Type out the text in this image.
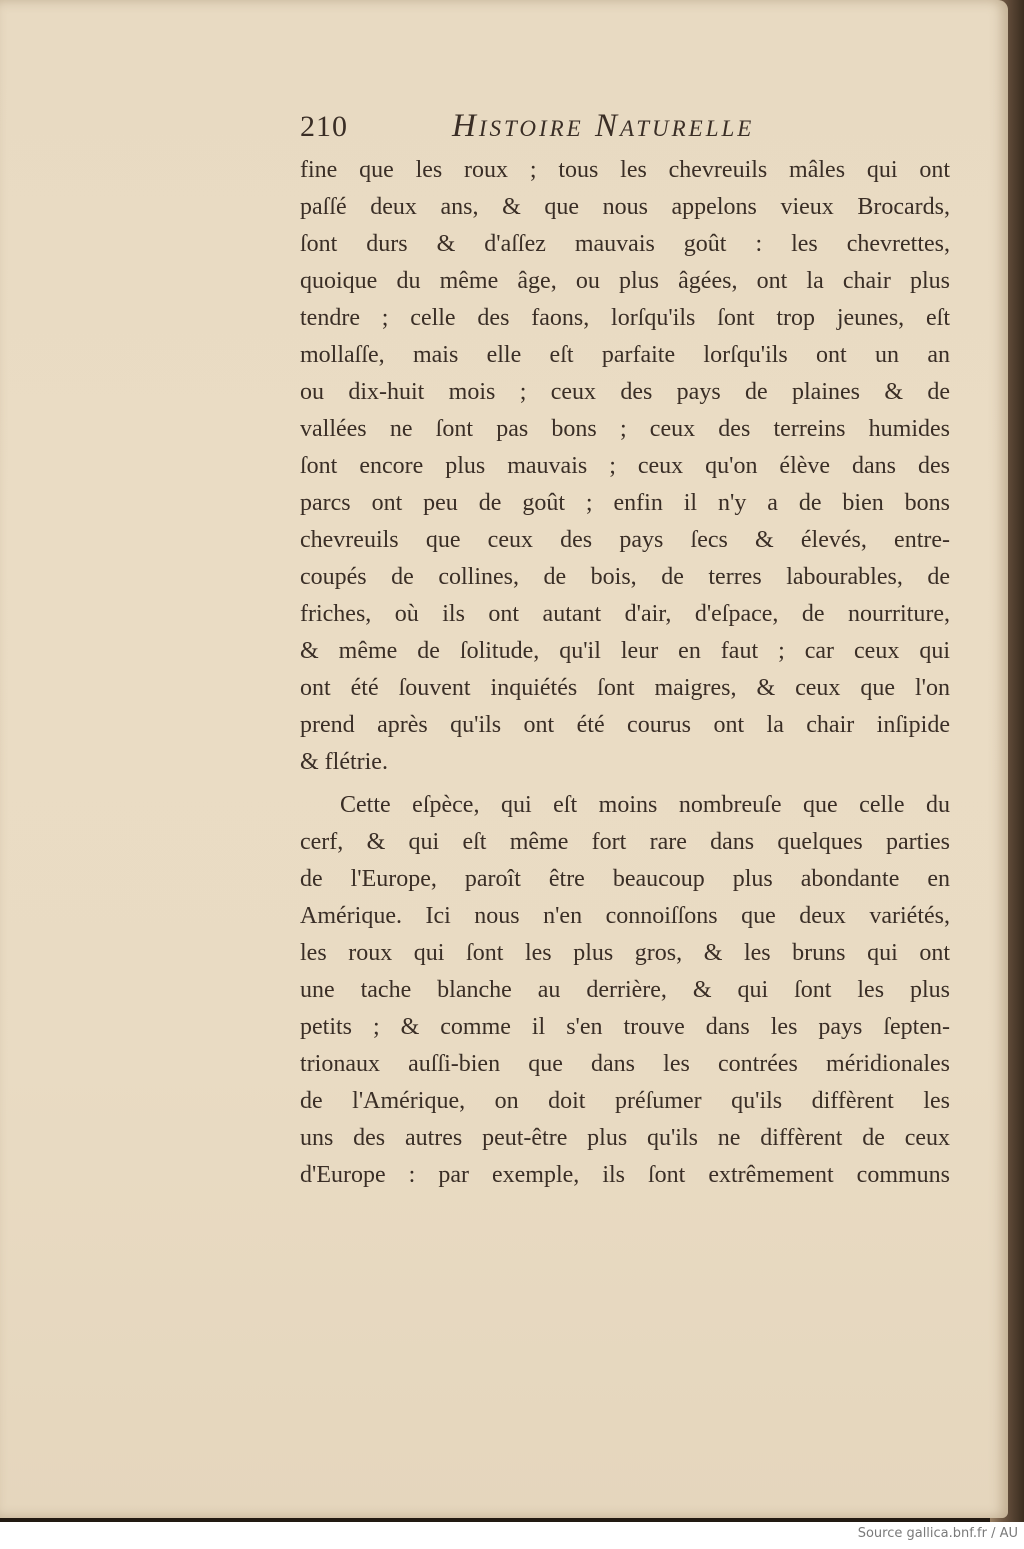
210	Histoire Naturelle

fine que les roux ; tous les chevreuils mâles qui ont
paſſé deux ans, & que nous appelons vieux Brocards,
ſont durs & d'aſſez mauvais goût : les chevrettes,
quoique du même âge, ou plus âgées, ont la chair plus
tendre ; celle des faons, lorſqu'ils ſont trop jeunes, eſt
mollaſſe, mais elle eſt parfaite lorſqu'ils ont un an
ou dix-huit mois ; ceux des pays de plaines & de
vallées ne ſont pas bons ; ceux des terreins humides
ſont encore plus mauvais ; ceux qu'on élève dans des
parcs ont peu de goût ; enfin il n'y a de bien bons
chevreuils que ceux des pays ſecs & élevés, entre-
coupés de collines, de bois, de terres labourables, de
friches, où ils ont autant d'air, d'eſpace, de nourriture,
& même de ſolitude, qu'il leur en faut ; car ceux qui
ont été ſouvent inquiétés ſont maigres, & ceux que l'on
prend après qu'ils ont été courus ont la chair inſipide
& flétrie.

Cette eſpèce, qui eſt moins nombreuſe que celle du
cerf, & qui eſt même fort rare dans quelques parties
de l'Europe, paroît être beaucoup plus abondante en
Amérique. Ici nous n'en connoiſſons que deux variétés,
les roux qui ſont les plus gros, & les bruns qui ont
une tache blanche au derrière, & qui ſont les plus
petits ; & comme il s'en trouve dans les pays ſepten-
trionaux auſſi-bien que dans les contrées méridionales
de l'Amérique, on doit préſumer qu'ils diffèrent les
uns des autres peut-être plus qu'ils ne diffèrent de ceux
d'Europe : par exemple, ils ſont extrêmement communs

Source gallica.bnf.fr / AU
